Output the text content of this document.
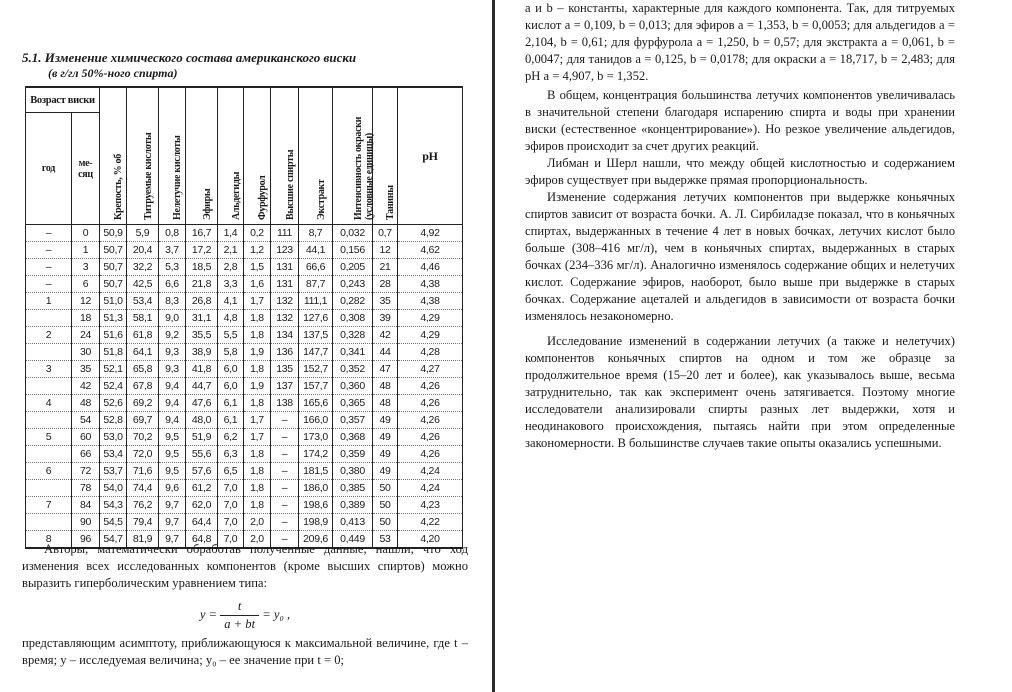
5.1. Изменение химического состава американского виски
(в г/гл 50%-ного спирта)
Возраст виски		Крепость, % об	Титруемые кислоты	Нелетучие кислоты	Эфиры	Альдегиды	Фурфурол	Высшие спирты	Экстракт	Интенсивность окраски (условные единицы)	Танины	pH
год	ме-сяц											
–	0	50,9	5,9	0,8	16,7	1,4	0,2	111	8,7	0,032	0,7	4,92
–	1	50,7	20,4	3,7	17,2	2,1	1,2	123	44,1	0,156	12	4,62
–	3	50,7	32,2	5,3	18,5	2,8	1,5	131	66,6	0,205	21	4,46
–	6	50,7	42,5	6,6	21,8	3,3	1,6	131	87,7	0,243	28	4,38
1	12	51,0	53,4	8,3	26,8	4,1	1,7	132	111,1	0,282	35	4,38
	18	51,3	58,1	9,0	31,1	4,8	1,8	132	127,6	0,308	39	4,29
2	24	51,6	61,8	9,2	35,5	5,5	1,8	134	137,5	0,328	42	4,29
	30	51,8	64,1	9,3	38,9	5,8	1,9	136	147,7	0,341	44	4,28
3	35	52,1	65,8	9,3	41,8	6,0	1,8	135	152,7	0,352	47	4,27
	42	52,4	67,8	9,4	44,7	6,0	1,9	137	157,7	0,360	48	4,26
4	48	52,6	69,2	9,4	47,6	6,1	1,8	138	165,6	0,365	48	4,26
	54	52,8	69,7	9,4	48,0	6,1	1,7	–	166,0	0,357	49	4,26
5	60	53,0	70,2	9,5	51,9	6,2	1,7	–	173,0	0,368	49	4,26
	66	53,4	72,0	9,5	55,6	6,3	1,8	–	174,2	0,359	49	4,26
6	72	53,7	71,6	9,5	57,6	6,5	1,8	–	181,5	0,380	49	4,24
	78	54,0	74,4	9,6	61,2	7,0	1,8	–	186,0	0,385	50	4,24
7	84	54,3	76,2	9,7	62,0	7,0	1,8	–	198,6	0,389	50	4,23
	90	54,5	79,4	9,7	64,4	7,0	2,0	–	198,9	0,413	50	4,22
8	96	54,7	81,9	9,7	64,8	7,0	2,0	–	209,6	0,449	53	4,20

Авторы, математически обработав полученные данные, нашли, что ход изменения всех исследованных компонентов (кроме высших спиртов) можно выразить гиперболическим уравнением типа:

$y = \frac{t}{a + bt} = y_0$ ,

представляющим асимптоту, приближающуюся к максимальной величине, где t – время; y – исследуемая величина; y₀ – ее значение при t = 0;

a и b – константы, характерные для каждого компонента. Так, для титруемых кислот a = 0,109, b = 0,013; для эфиров a = 1,353, b = 0,0053; для альдегидов a = 2,104, b = 0,61; для фурфурола a = 1,250, b = 0,57; для экстракта a = 0,061, b = 0,0047; для танидов a = 0,125, b = 0,0178; для окраски a = 18,717, b = 2,483; для pH a = 4,907, b = 1,352.

В общем, концентрация большинства летучих компонентов увеличивалась в значительной степени благодаря испарению спирта и воды при хранении виски (естественное «концентрирование»). Но резкое увеличение альдегидов, эфиров происходит за счет других реакций.

Либман и Шерл нашли, что между общей кислотностью и содержанием эфиров существует при выдержке прямая пропорциональность.

Изменение содержания летучих компонентов при выдержке коньячных спиртов зависит от возраста бочки. А. Л. Сирбиладзе показал, что в коньячных спиртах, выдержанных в течение 4 лет в новых бочках, летучих кислот было больше (308–416 мг/л), чем в коньячных спиртах, выдержанных в старых бочках (234–336 мг/л). Аналогично изменялось содержание общих и нелетучих кислот. Содержание эфиров, наоборот, было выше при выдержке в старых бочках. Содержание ацеталей и альдегидов в зависимости от возраста бочки изменялось незакономерно.

Исследование изменений в содержании летучих (а также и нелетучих) компонентов коньячных спиртов на одном и том же образце за продолжительное время (15–20 лет и более), как указывалось выше, весьма затруднительно, так как эксперимент очень затягивается. Поэтому многие исследователи анализировали спирты разных лет выдержки, хотя и неодинакового происхождения, пытаясь найти при этом определенные закономерности. В большинстве случаев такие опыты оказались успешными.
